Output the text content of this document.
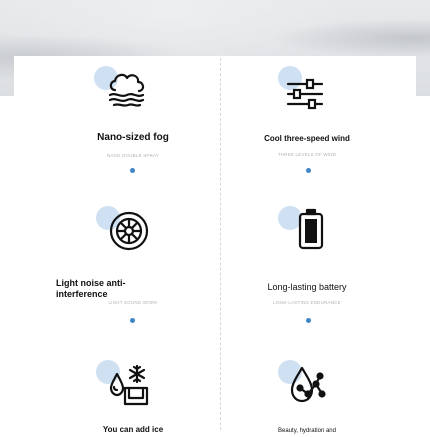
Nano-sized fog
NANO DOUBLE SPRAY
Cool three-speed wind
THREE LEVELS OF WIND
Light noise anti-interference
LIGHT SOUND WORK
Long-lasting battery
LONG-LASTING ENDURANCE
You can add ice	Beauty, hydration and
